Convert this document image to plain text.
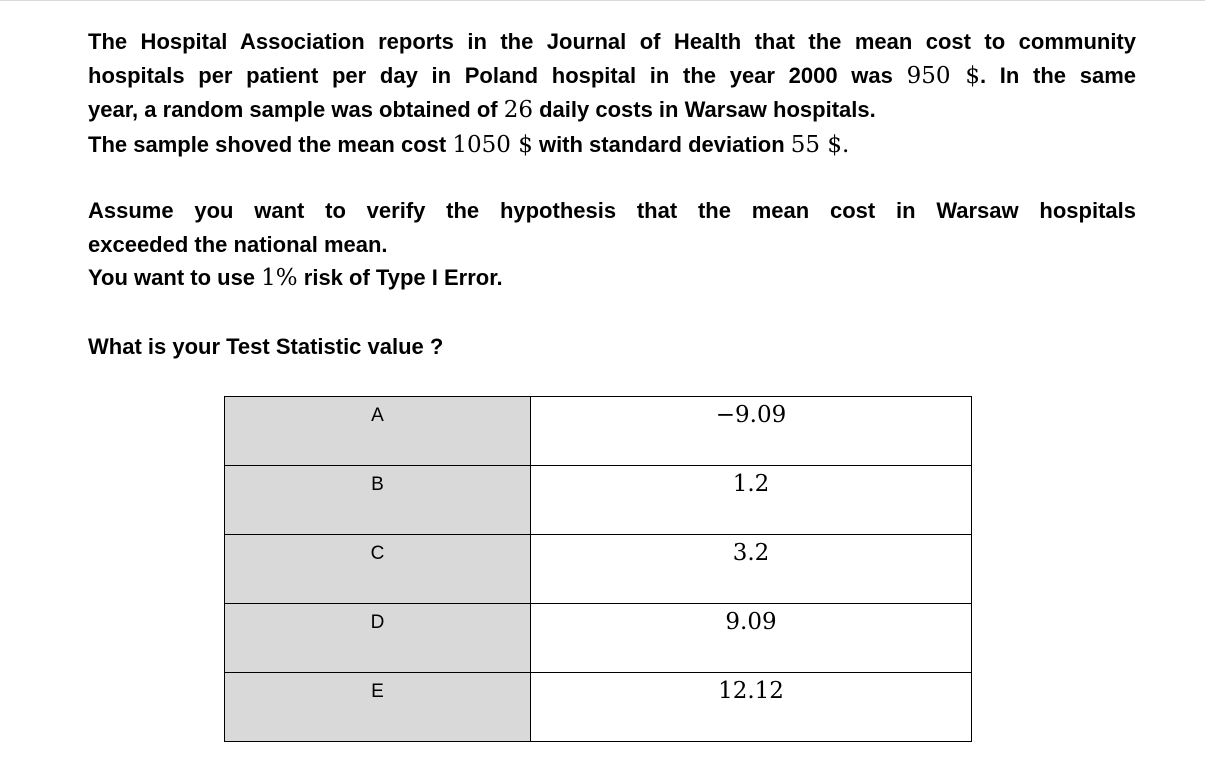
The Hospital Association reports in the Journal of Health that the mean cost to community
hospitals per patient per day in Poland hospital in the year 2000 was 950 $. In the same
year, a random sample was obtained of 26 daily costs in Warsaw hospitals.
The sample shoved the mean cost 1050 $ with standard deviation 55 $.
Assume you want to verify the hypothesis that the mean cost in Warsaw hospitals
exceeded the national mean.
You want to use 1% risk of Type I Error.
What is your Test Statistic value ?
A	−9.09
B	1.2
C	3.2
D	9.09
E	12.12
